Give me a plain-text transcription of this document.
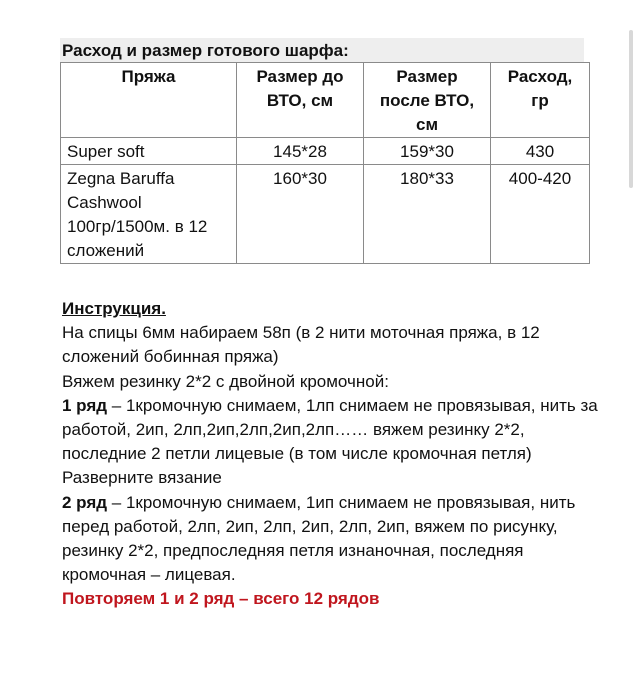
Расход и размер готового шарфа:
Пряжа	Размер до ВТО, см	Размер после ВТО, см	Расход, гр
Super soft	145*28	159*30	430
Zegna Baruffa Cashwool 100гр/1500м. в 12 сложений	160*30	180*33	400-420

Инструкция.

На спицы 6мм набираем 58п (в 2 нити моточная пряжа, в 12 сложений бобинная пряжа)

Вяжем резинку 2*2 с двойной кромочной:

1 ряд – 1кромочную снимаем, 1лп снимаем не провязывая, нить за работой, 2ип, 2лп,2ип,2лп,2ип,2лп…… вяжем резинку 2*2, последние 2 петли лицевые (в том числе кромочная петля)

Разверните вязание

2 ряд – 1кромочную снимаем, 1ип снимаем не провязывая, нить перед работой, 2лп, 2ип, 2лп, 2ип, 2лп, 2ип, вяжем по рисунку, резинку 2*2, предпоследняя петля изнаночная, последняя кромочная – лицевая.

Повторяем 1 и 2 ряд – всего 12 рядов
